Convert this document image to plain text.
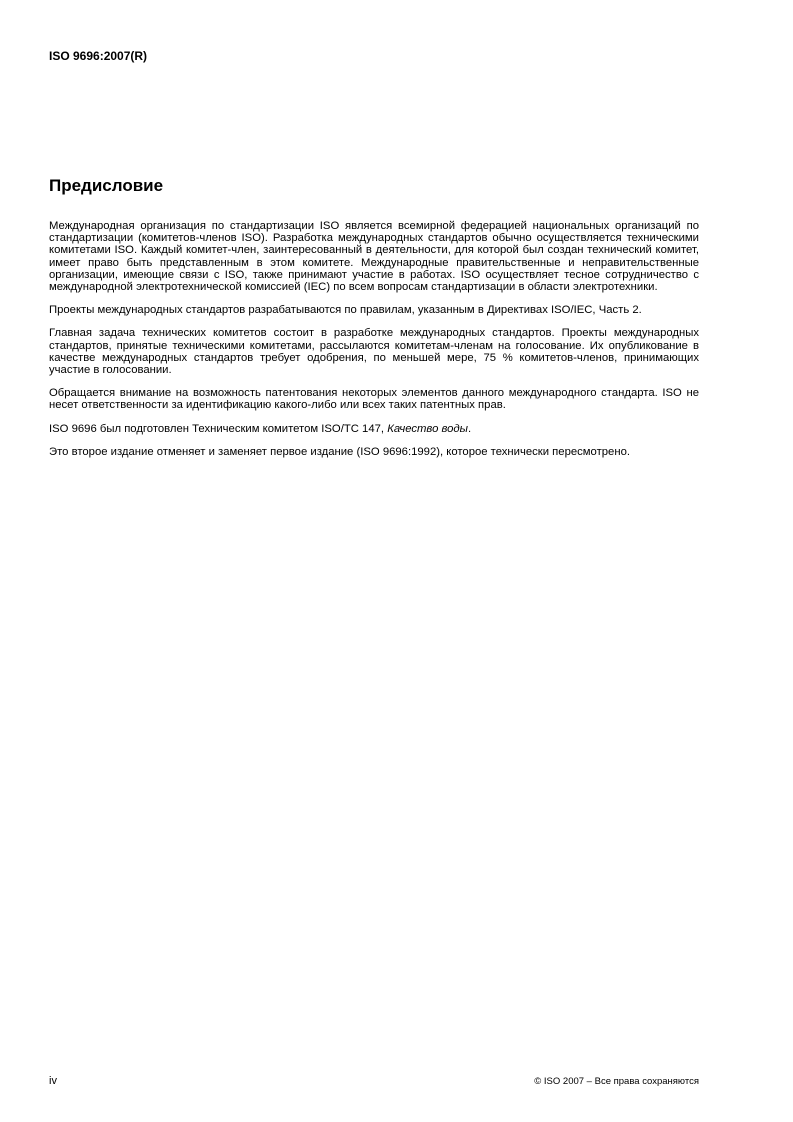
ISO 9696:2007(R)
Предисловие

Международная организация по стандартизации ISO является всемирной федерацией национальных организаций по стандартизации (комитетов-членов ISO). Разработка международных стандартов обычно осуществляется техническими комитетами ISO. Каждый комитет-член, заинтересованный в деятельности, для которой был создан технический комитет, имеет право быть представленным в этом комитете. Международные правительственные и неправительственные организации, имеющие связи с ISO, также принимают участие в работах. ISO осуществляет тесное сотрудничество с международной электротехнической комиссией (IEC) по всем вопросам стандартизации в области электротехники.

Проекты международных стандартов разрабатываются по правилам, указанным в Директивах ISO/IEC, Часть 2.

Главная задача технических комитетов состоит в разработке международных стандартов. Проекты международных стандартов, принятые техническими комитетами, рассылаются комитетам-членам на голосование. Их опубликование в качестве международных стандартов требует одобрения, по меньшей мере, 75 % комитетов-членов, принимающих участие в голосовании.

Обращается внимание на возможность патентования некоторых элементов данного международного стандарта. ISO не несет ответственности за идентификацию какого-либо или всех таких патентных прав.

ISO 9696 был подготовлен Техническим комитетом ISO/TC 147, Качество воды.

Это второе издание отменяет и заменяет первое издание (ISO 9696:1992), которое технически пересмотрено.

iv	© ISO 2007 – Все права сохраняются
